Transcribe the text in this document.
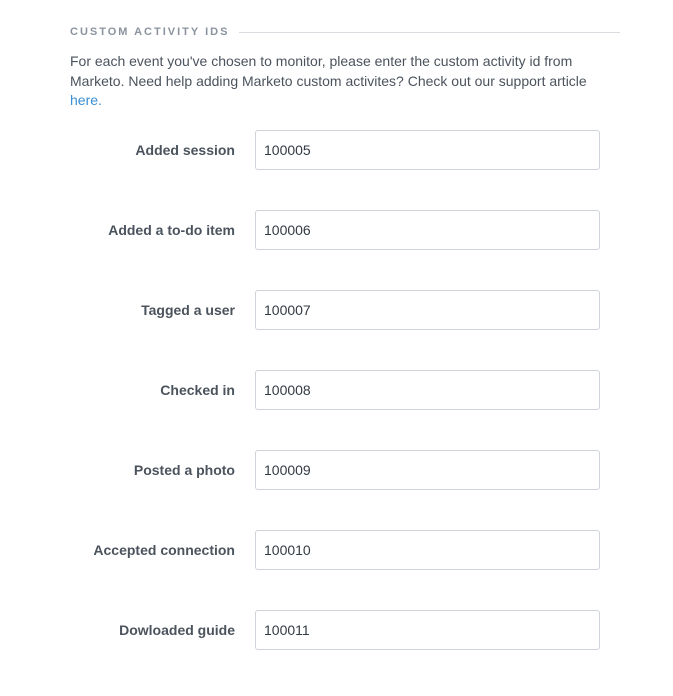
CUSTOM ACTIVITY IDS
For each event you've chosen to monitor, please enter the custom activity id from Marketo. Need help adding Marketo custom activites? Check out our support article here.
Added session
100005
Added a to-do item
100006
Tagged a user
100007
Checked in
100008
Posted a photo
100009
Accepted connection
100010
Dowloaded guide
100011
